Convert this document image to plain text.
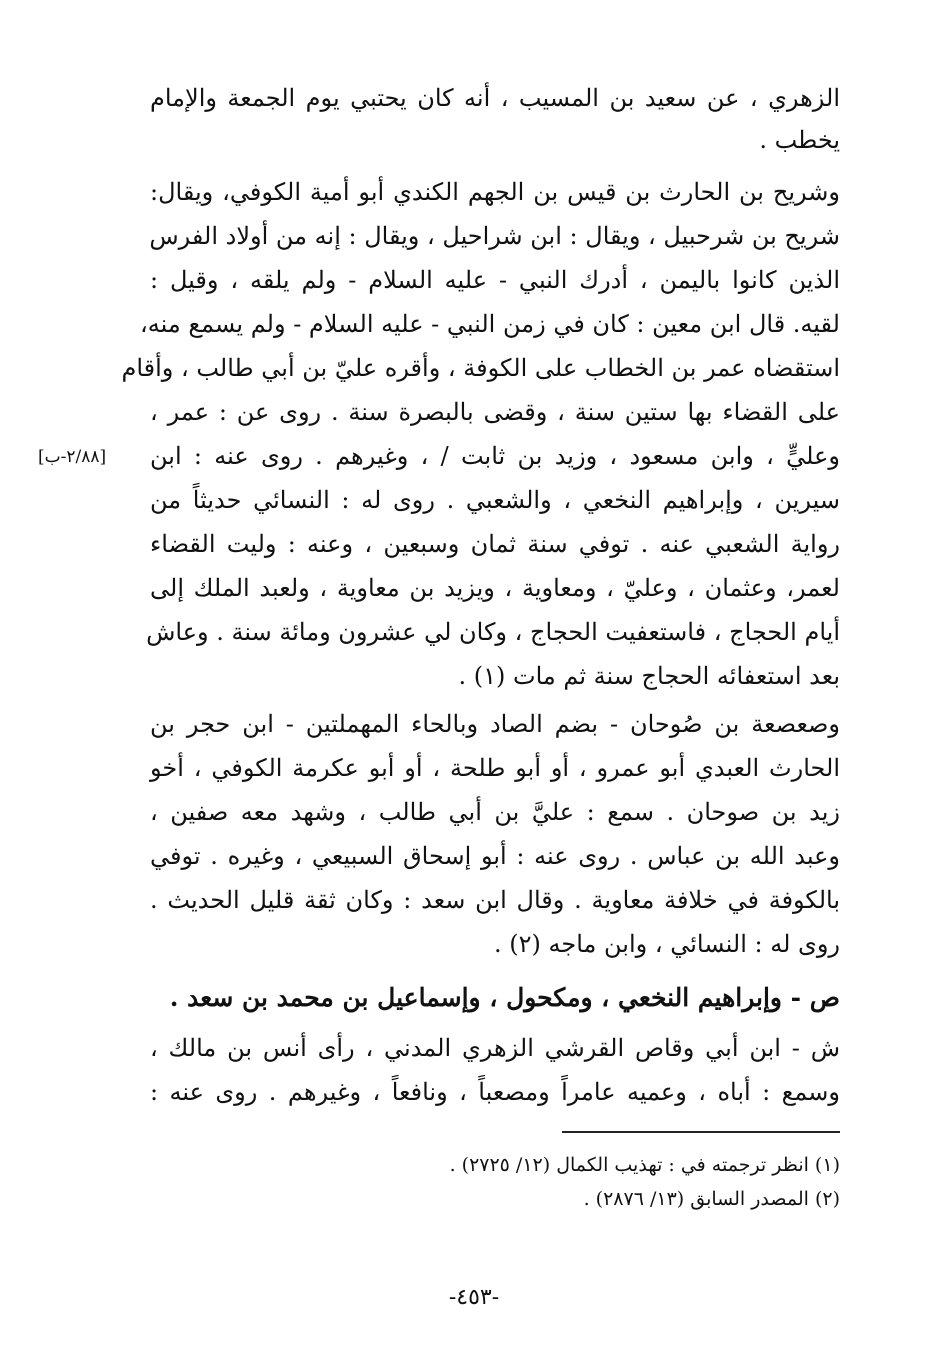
الزهري ، عن سعيد بن المسيب ، أنه كان يحتبي يوم الجمعة والإمام
يخطب .
وشريح بن الحارث بن قيس بن الجهم الكندي أبو أمية الكوفي، ويقال:
شريح بن شرحبيل ، ويقال : ابن شراحيل ، ويقال : إنه من أولاد الفرس
الذين كانوا باليمن ، أدرك النبي - عليه السلام - ولم يلقه ، وقيل :
لقيه. قال ابن معين : كان في زمن النبي - عليه السلام - ولم يسمع منه،
استقضاه عمر بن الخطاب على الكوفة ، وأقره عليّ بن أبي طالب ، وأقام
على القضاء بها ستين سنة ، وقضى بالبصرة سنة . روى عن : عمر ،
وعليٍّ ، وابن مسعود ، وزيد بن ثابت / ، وغيرهم . روى عنه : ابن
سيرين ، وإبراهيم النخعي ، والشعبي . روى له : النسائي حديثاً من
رواية الشعبي عنه . توفي سنة ثمان وسبعين ، وعنه : وليت القضاء
لعمر، وعثمان ، وعليّ ، ومعاوية ، ويزيد بن معاوية ، ولعبد الملك إلى
أيام الحجاج ، فاستعفيت الحجاج ، وكان لي عشرون ومائة سنة . وعاش
بعد استعفائه الحجاج سنة ثم مات (١) .
[٢/٨٨-ب]
وصعصعة بن صُوحان - بضم الصاد وبالحاء المهملتين - ابن حجر بن
الحارث العبدي أبو عمرو ، أو أبو طلحة ، أو أبو عكرمة الكوفي ، أخو
زيد بن صوحان . سمع : عليَّ بن أبي طالب ، وشهد معه صفين ،
وعبد الله بن عباس . روى عنه : أبو إسحاق السبيعي ، وغيره . توفي
بالكوفة في خلافة معاوية . وقال ابن سعد : وكان ثقة قليل الحديث .
روى له : النسائي ، وابن ماجه (٢) .
ص - وإبراهيم النخعي ، ومكحول ، وإسماعيل بن محمد بن سعد .
ش - ابن أبي وقاص القرشي الزهري المدني ، رأى أنس بن مالك ،
وسمع : أباه ، وعميه عامراً ومصعباً ، ونافعاً ، وغيرهم . روى عنه :
(١) انظر ترجمته في : تهذيب الكمال (١٢/ ٢٧٢٥) .
(٢) المصدر السابق (١٣/ ٢٨٧٦) .
-٤٥٣-
